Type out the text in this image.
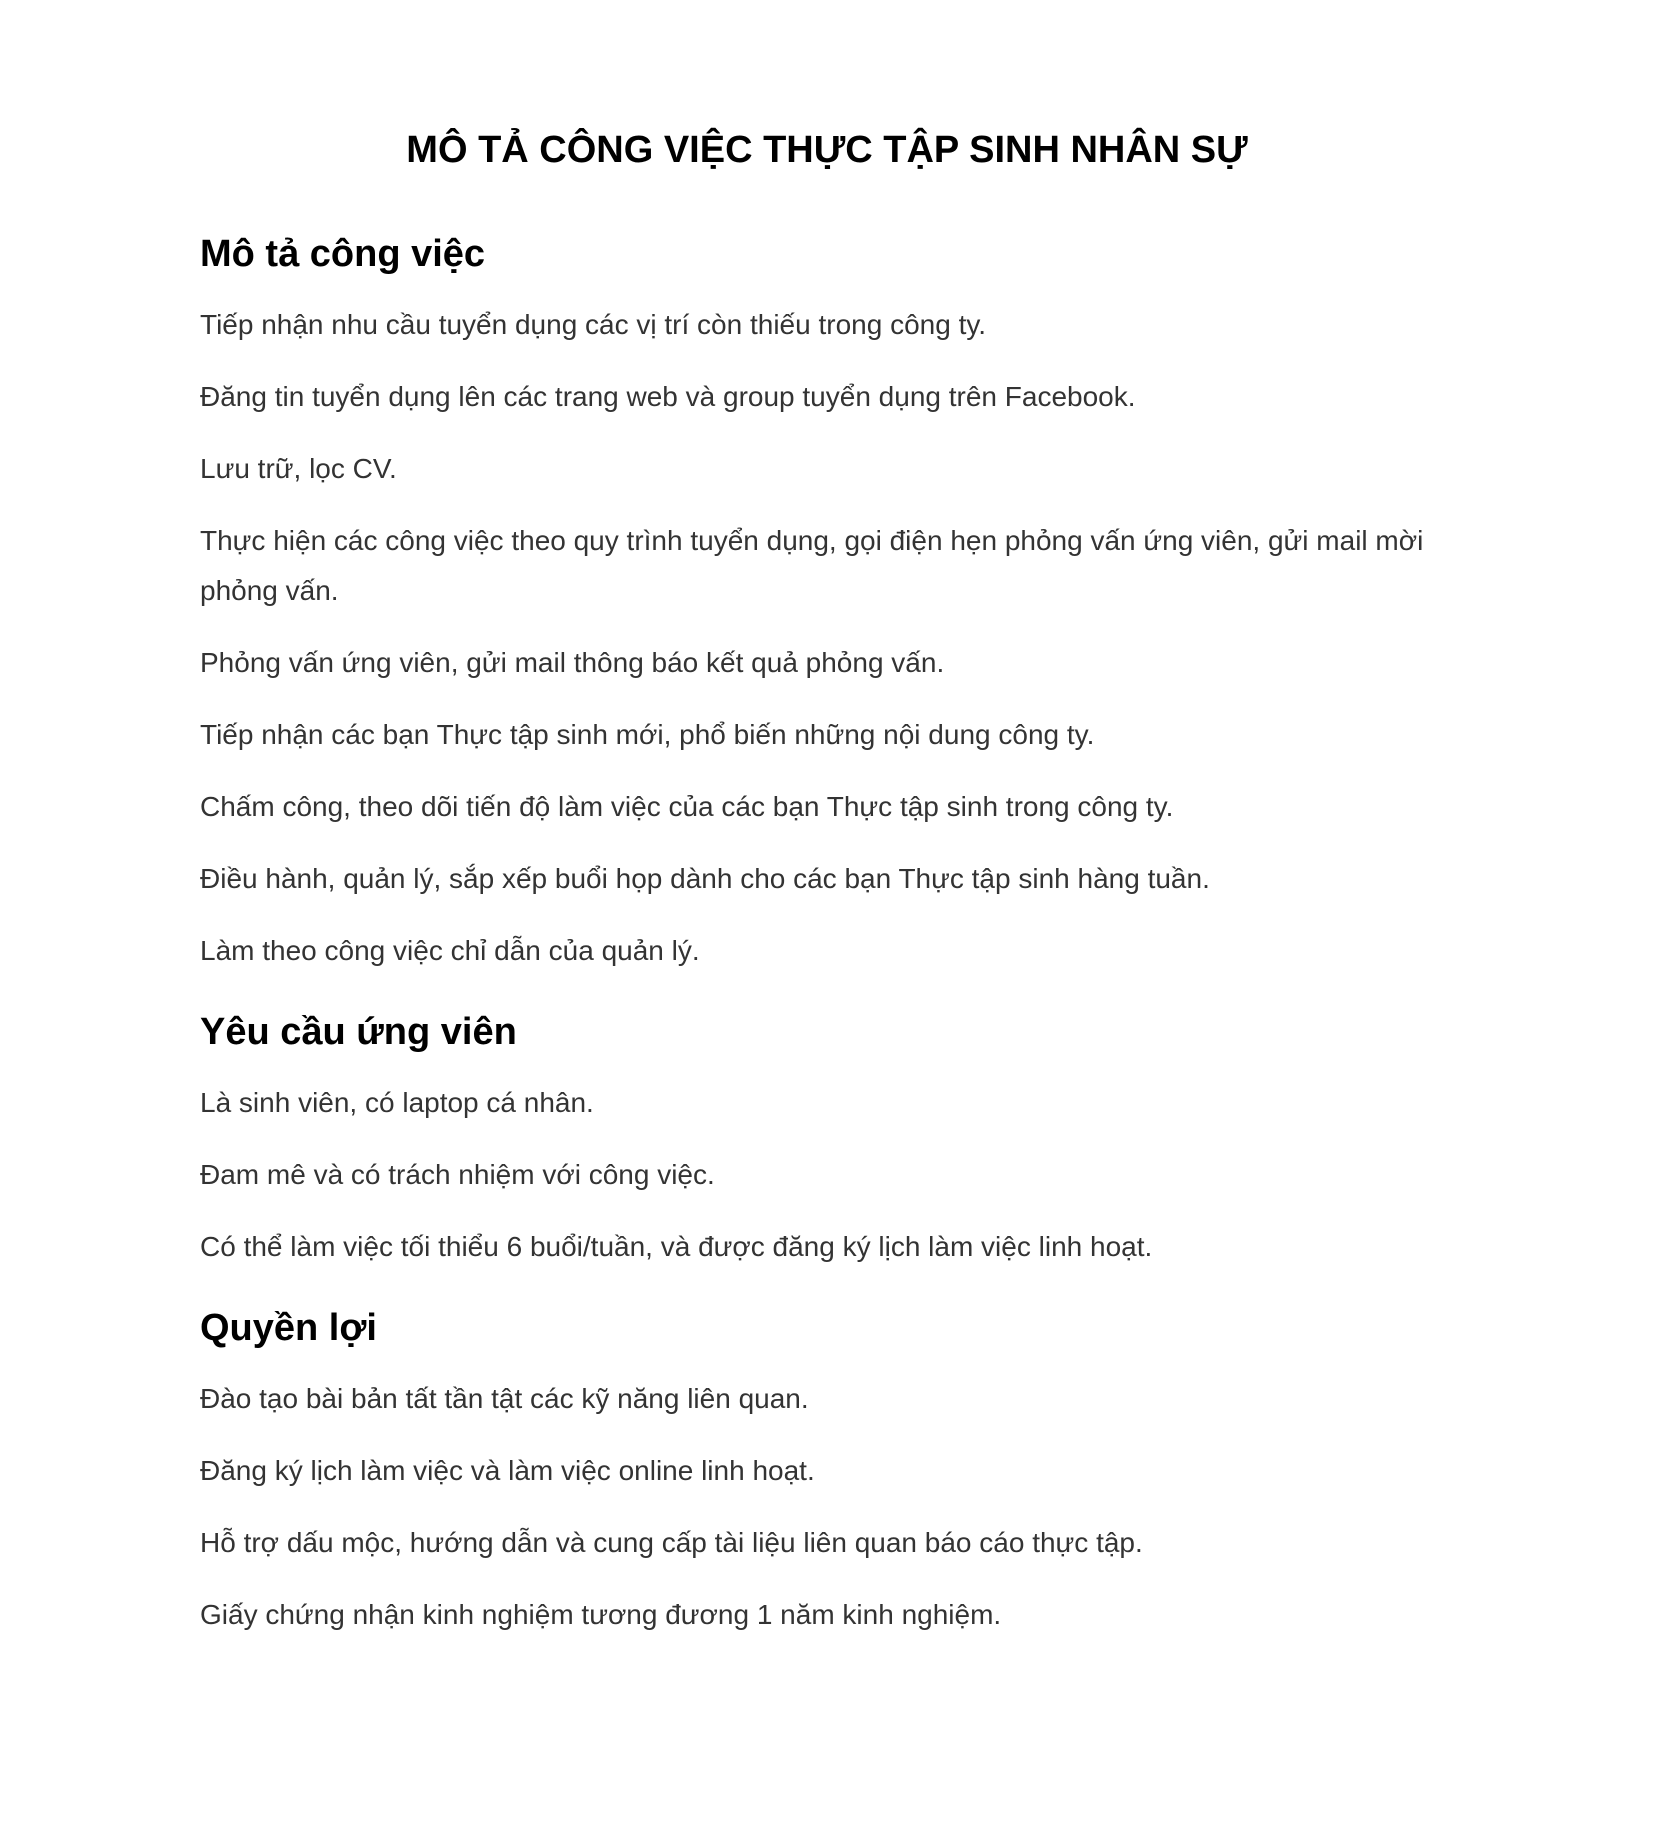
MÔ TẢ CÔNG VIỆC THỰC TẬP SINH NHÂN SỰ
Mô tả công việc

Tiếp nhận nhu cầu tuyển dụng các vị trí còn thiếu trong công ty.

Đăng tin tuyển dụng lên các trang web và group tuyển dụng trên Facebook.

Lưu trữ, lọc CV.

Thực hiện các công việc theo quy trình tuyển dụng, gọi điện hẹn phỏng vấn ứng viên, gửi mail mời phỏng vấn.

Phỏng vấn ứng viên, gửi mail thông báo kết quả phỏng vấn.

Tiếp nhận các bạn Thực tập sinh mới, phổ biến những nội dung công ty.

Chấm công, theo dõi tiến độ làm việc của các bạn Thực tập sinh trong công ty.

Điều hành, quản lý, sắp xếp buổi họp dành cho các bạn Thực tập sinh hàng tuần.

Làm theo công việc chỉ dẫn của quản lý.

Yêu cầu ứng viên

Là sinh viên, có laptop cá nhân.

Đam mê và có trách nhiệm với công việc.

Có thể làm việc tối thiểu 6 buổi/tuần, và được đăng ký lịch làm việc linh hoạt.

Quyền lợi

Đào tạo bài bản tất tần tật các kỹ năng liên quan.

Đăng ký lịch làm việc và làm việc online linh hoạt.

Hỗ trợ dấu mộc, hướng dẫn và cung cấp tài liệu liên quan báo cáo thực tập.

Giấy chứng nhận kinh nghiệm tương đương 1 năm kinh nghiệm.
